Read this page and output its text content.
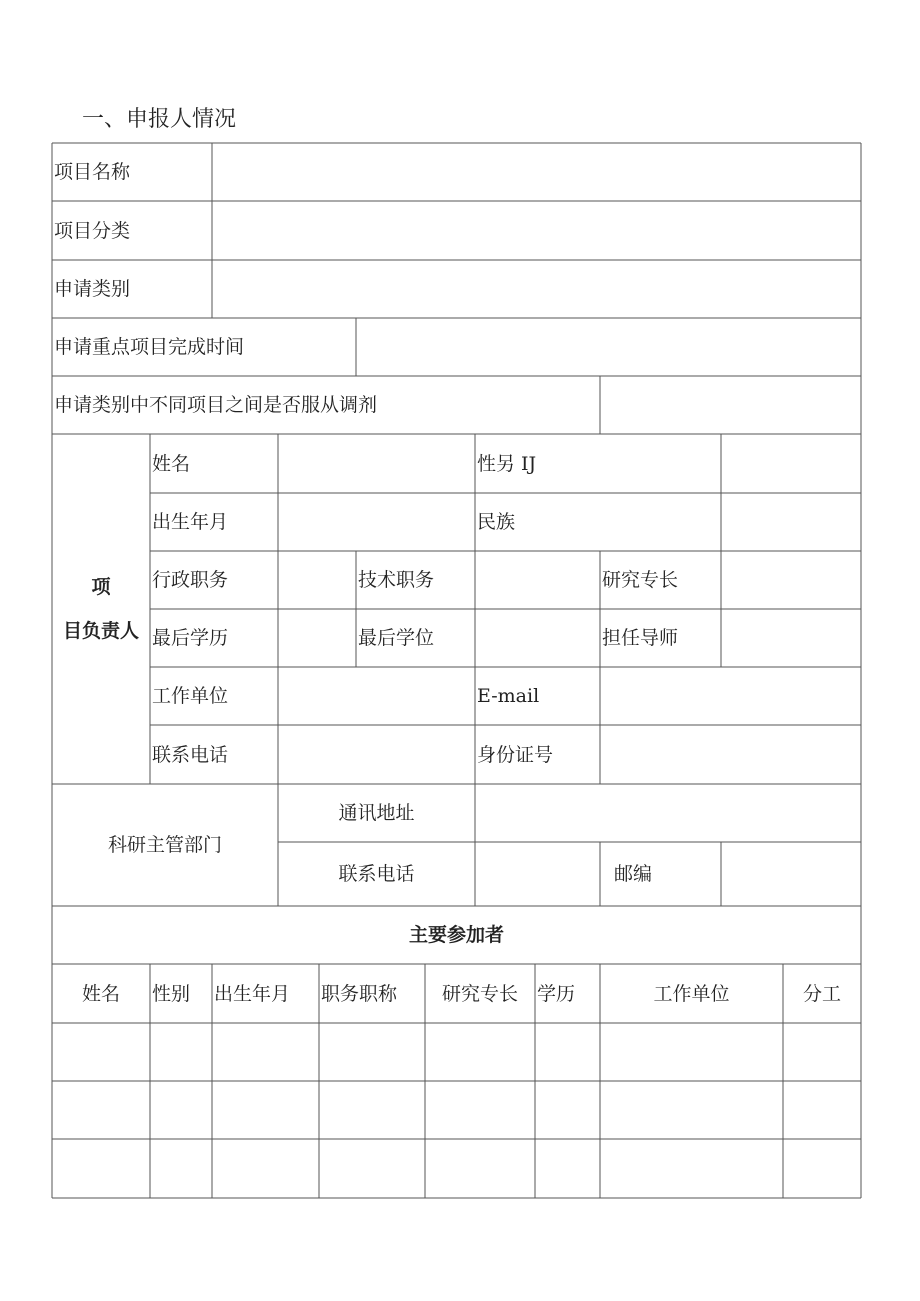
一、申报人情况
项目名称
项目分类
申请类别
申请重点项目完成时间
申请类别中不同项目之间是否服从调剂
项
目负责人
姓名	性另 IJ
出生年月	民族
行政职务	技术职务	研究专长
最后学历	最后学位	担任导师
工作单位	E-mail
联系电话	身份证号
科研主管部门
通讯地址
联系电话	邮编
主要参加者
姓名	性别	出生年月	职务职称	研究专长	学历	工作单位	分工
